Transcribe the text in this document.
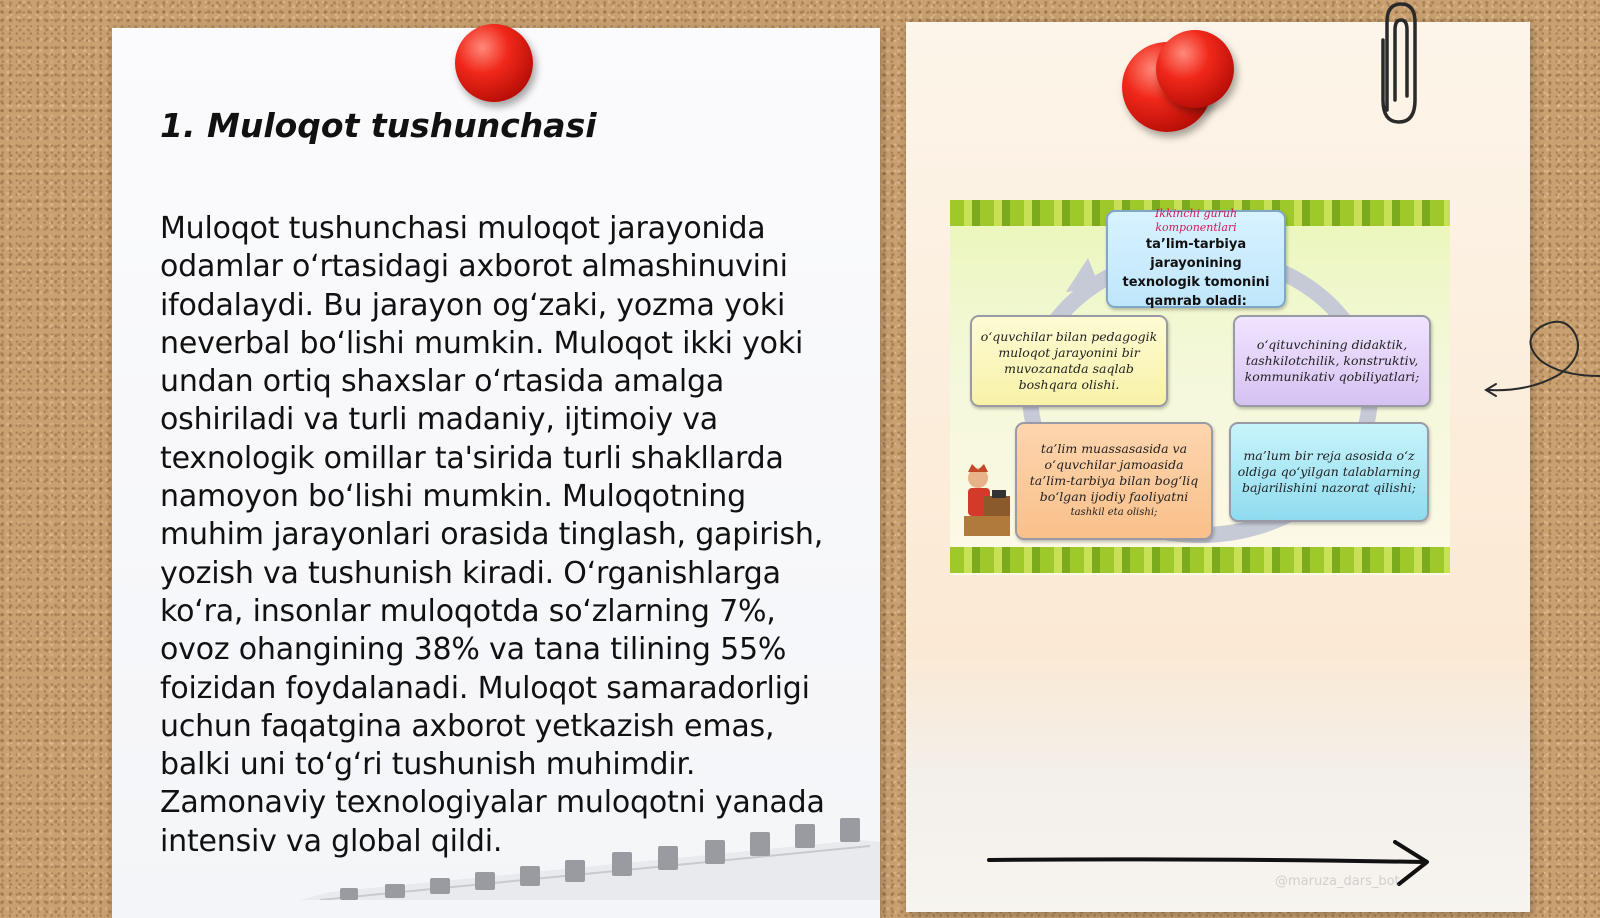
1. Muloqot tushunchasi

Muloqot tushunchasi muloqot jarayonida odamlar o‘rtasidagi axborot almashinuvini ifodalaydi. Bu jarayon og‘zaki, yozma yoki neverbal bo‘lishi mumkin. Muloqot ikki yoki undan ortiq shaxslar o‘rtasida amalga oshiriladi va turli madaniy, ijtimoiy va texnologik omillar ta'sirida turli shakllarda namoyon bo‘lishi mumkin. Muloqotning muhim jarayonlari orasida tinglash, gapirish, yozish va tushunish kiradi. O‘rganishlarga ko‘ra, insonlar muloqotda so‘zlarning 7%, ovoz ohangining 38% va tana tilining 55% foizidan foydalanadi. Muloqot samaradorligi uchun faqatgina axborot yetkazish emas, balki uni to‘g‘ri tushunish muhimdir. Zamonaviy texnologiyalar muloqotni yanada intensiv va global qildi.

Ikkinchi guruh komponentlari
ta’lim-tarbiya jarayonining texnologik tomonini qamrab oladi:
o‘quvchilar bilan pedagogik muloqot jarayonini bir muvozanatda saqlab boshqara olishi.
o‘qituvchining didaktik, tashkilotchilik, konstruktiv, kommunikativ qobiliyatlari;
ta’lim muassasasida va o‘quvchilar jamoasida ta’lim-tarbiya bilan bog‘liq bo‘lgan ijodiy faoliyatni
tashkil eta olishi;
ma’lum bir reja asosida o‘z oldiga qo‘yilgan talablarning bajarilishini nazorat qilishi;
@maruza_dars_bot
